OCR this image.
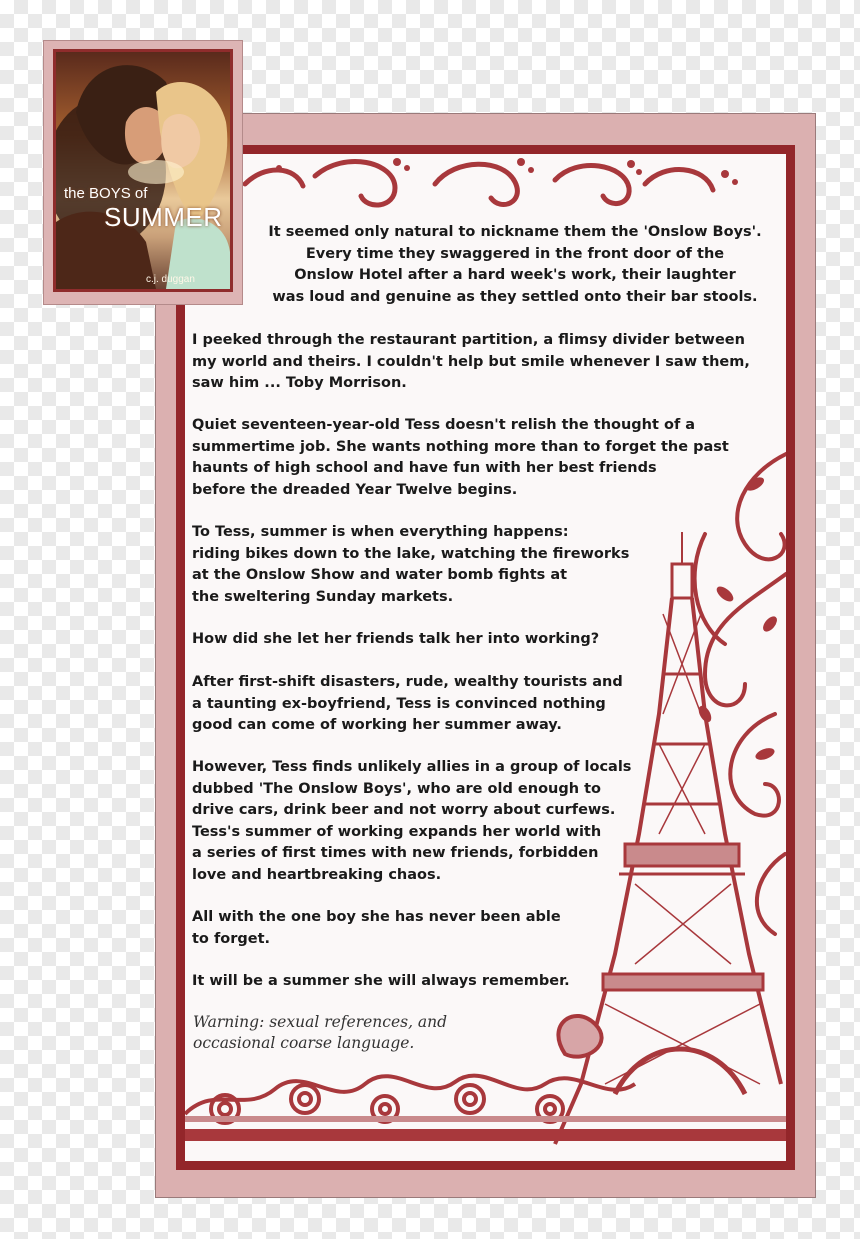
the BOYS of
SUMMER
c.j. duggan

It seemed only natural to nickname them the 'Onslow Boys'.

Every time they swaggered in the front door of the

Onslow Hotel after a hard week's work, their laughter

was loud and genuine as they settled onto their bar stools.

I peeked through the restaurant partition, a flimsy divider between

my world and theirs. I couldn't help but smile whenever I saw them,

saw him ... Toby Morrison.

Quiet seventeen-year-old Tess doesn't relish the thought of a

summertime job. She wants nothing more than to forget the past

haunts of high school and have fun with her best friends

before the dreaded Year Twelve begins.

To Tess, summer is when everything happens:

riding bikes down to the lake, watching the fireworks

at the Onslow Show and water bomb fights at

the sweltering Sunday markets.

How did she let her friends talk her into working?

After first-shift disasters, rude, wealthy tourists and

a taunting ex-boyfriend, Tess is convinced nothing

good can come of working her summer away.

However, Tess finds unlikely allies in a group of locals

dubbed 'The Onslow Boys', who are old enough to

drive cars, drink beer and not worry about curfews.

Tess's summer of working expands her world with

a series of first times with new friends, forbidden

love and heartbreaking chaos.

All with the one boy she has never been able

to forget.

It will be a summer she will always remember.

Warning: sexual references, and

occasional coarse language.
